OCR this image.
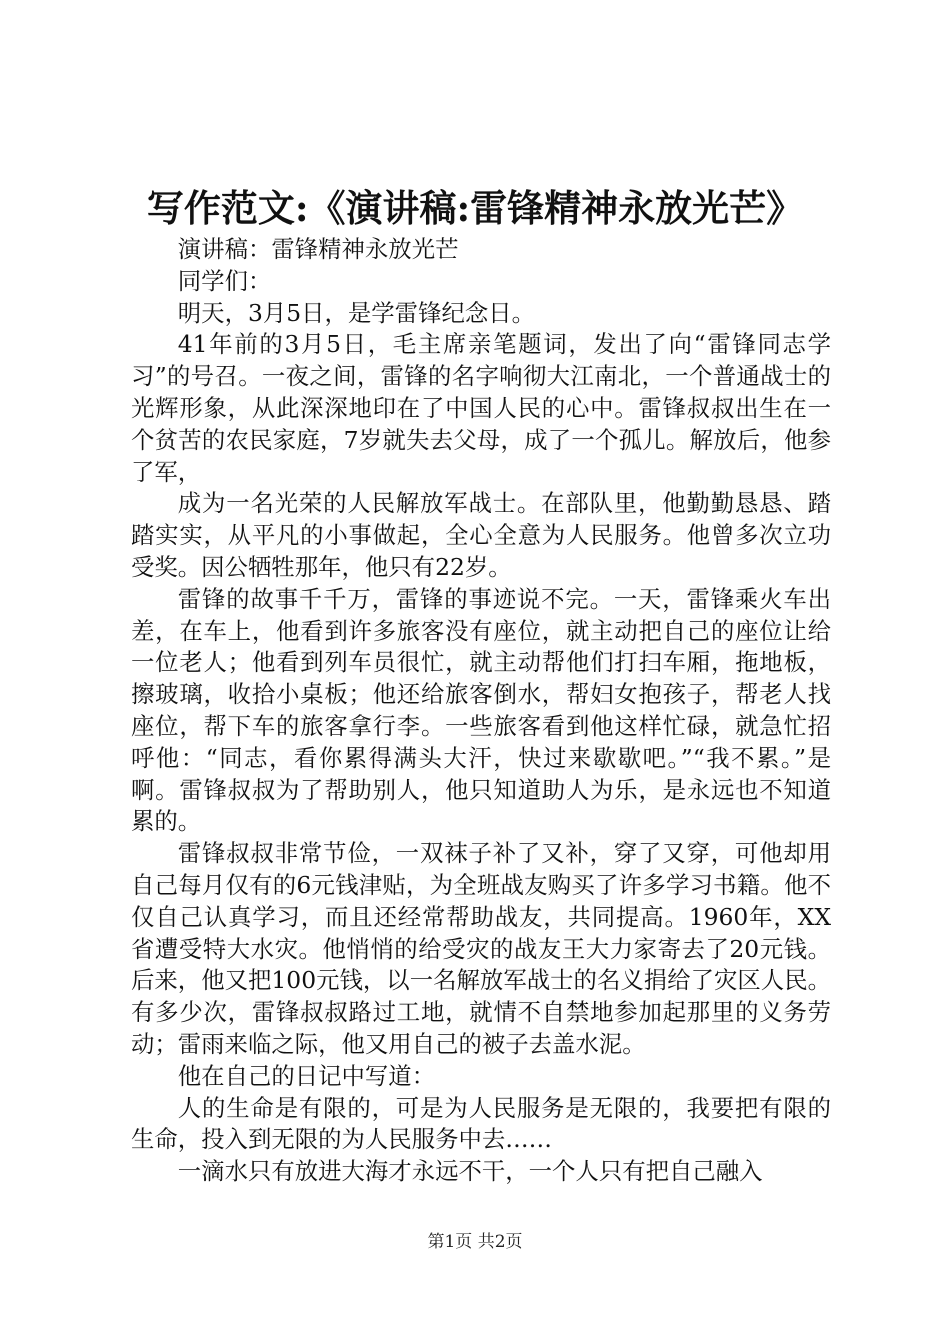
写作范文:《演讲稿:雷锋精神永放光芒》

演讲稿：雷锋精神永放光芒

同学们：

明天，3月5日，是学雷锋纪念日。

41年前的3月5日，毛主席亲笔题词，发出了向“雷锋同志学习”的号召。一夜之间，雷锋的名字响彻大江南北，一个普通战士的光辉形象，从此深深地印在了中国人民的心中。雷锋叔叔出生在一个贫苦的农民家庭，7岁就失去父母，成了一个孤儿。解放后，他参了军，

成为一名光荣的人民解放军战士。在部队里，他勤勤恳恳、踏踏实实，从平凡的小事做起，全心全意为人民服务。他曾多次立功受奖。因公牺牲那年，他只有22岁。

雷锋的故事千千万，雷锋的事迹说不完。一天，雷锋乘火车出差，在车上，他看到许多旅客没有座位，就主动把自己的座位让给一位老人；他看到列车员很忙，就主动帮他们打扫车厢，拖地板，擦玻璃，收拾小桌板；他还给旅客倒水，帮妇女抱孩子，帮老人找座位，帮下车的旅客拿行李。一些旅客看到他这样忙碌，就急忙招呼他：“同志，看你累得满头大汗，快过来歇歇吧。”“我不累。”是啊。雷锋叔叔为了帮助别人，他只知道助人为乐，是永远也不知道累的。

雷锋叔叔非常节俭，一双袜子补了又补，穿了又穿，可他却用自己每月仅有的6元钱津贴，为全班战友购买了许多学习书籍。他不仅自己认真学习，而且还经常帮助战友，共同提高。1960年，XX省遭受特大水灾。他悄悄的给受灾的战友王大力家寄去了20元钱。后来，他又把100元钱，以一名解放军战士的名义捐给了灾区人民。有多少次，雷锋叔叔路过工地，就情不自禁地参加起那里的义务劳动；雷雨来临之际，他又用自己的被子去盖水泥。

他在自己的日记中写道：

人的生命是有限的，可是为人民服务是无限的，我要把有限的生命，投入到无限的为人民服务中去……

一滴水只有放进大海才永远不干，一个人只有把自己融入

第1页 共2页
